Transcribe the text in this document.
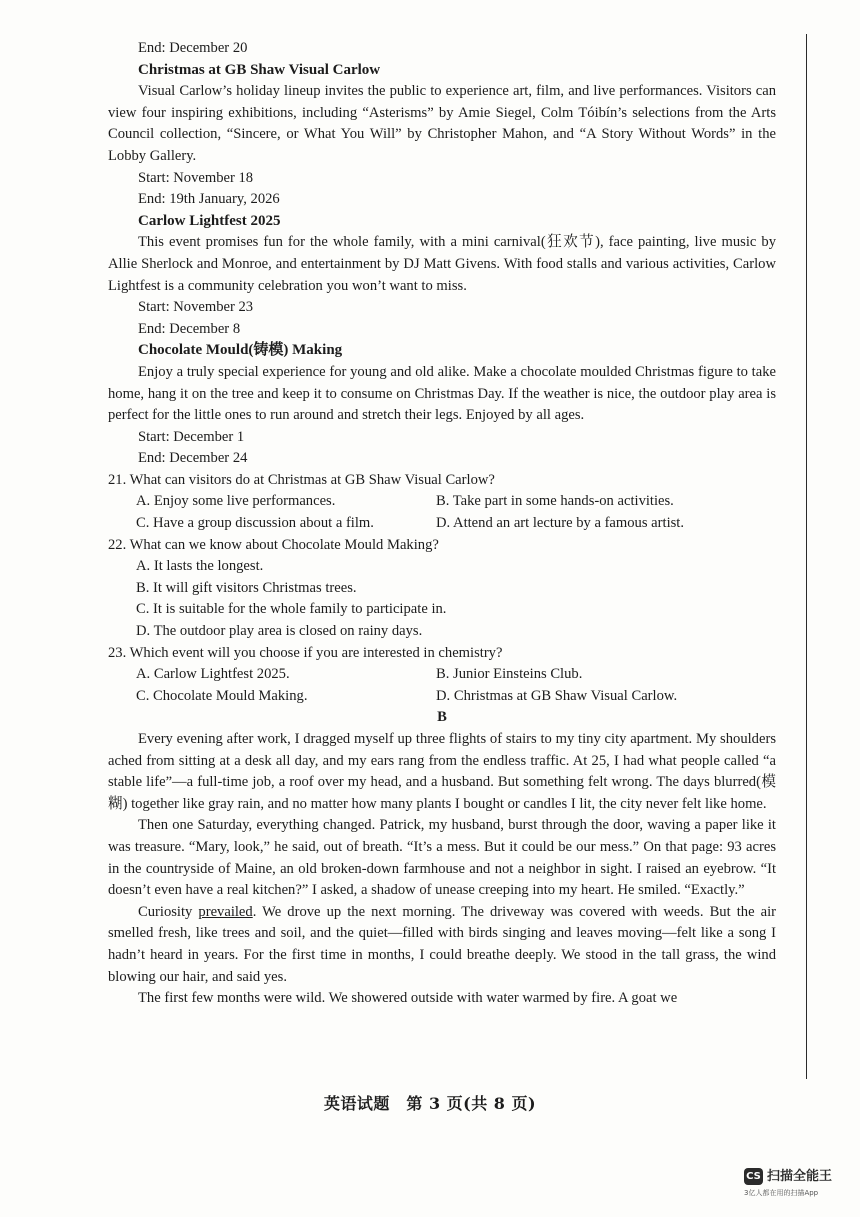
End: December 20
Christmas at GB Shaw Visual Carlow

Visual Carlow’s holiday lineup invites the public to experience art, film, and live performances. Visitors can view four inspiring exhibitions, including “Asterisms” by Amie Siegel, Colm Tóibín’s selections from the Arts Council collection, “Sincere, or What You Will” by Christopher Mahon, and “A Story Without Words” in the Lobby Gallery.

Start: November 18
End: 19th January, 2026
Carlow Lightfest 2025

This event promises fun for the whole family, with a mini carnival(狂欢节), face painting, live music by Allie Sherlock and Monroe, and entertainment by DJ Matt Givens. With food stalls and various activities, Carlow Lightfest is a community celebration you won’t want to miss.

Start: November 23
End: December 8
Chocolate Mould(铸模) Making

Enjoy a truly special experience for young and old alike. Make a chocolate moulded Christmas figure to take home, hang it on the tree and keep it to consume on Christmas Day. If the weather is nice, the outdoor play area is perfect for the little ones to run around and stretch their legs. Enjoyed by all ages.

Start: December 1
End: December 24
21. What can visitors do at Christmas at GB Shaw Visual Carlow?
A. Enjoy some live performances.	B. Take part in some hands-on activities.
C. Have a group discussion about a film.	D. Attend an art lecture by a famous artist.
22. What can we know about Chocolate Mould Making?
A. It lasts the longest.
B. It will gift visitors Christmas trees.
C. It is suitable for the whole family to participate in.
D. The outdoor play area is closed on rainy days.
23. Which event will you choose if you are interested in chemistry?
A. Carlow Lightfest 2025.	B. Junior Einsteins Club.
C. Chocolate Mould Making.	D. Christmas at GB Shaw Visual Carlow.
B

Every evening after work, I dragged myself up three flights of stairs to my tiny city apartment. My shoulders ached from sitting at a desk all day, and my ears rang from the endless traffic. At 25, I had what people called “a stable life”—a full-time job, a roof over my head, and a husband. But something felt wrong. The days blurred(模糊) together like gray rain, and no matter how many plants I bought or candles I lit, the city never felt like home.

Then one Saturday, everything changed. Patrick, my husband, burst through the door, waving a paper like it was treasure. “Mary, look,” he said, out of breath. “It’s a mess. But it could be our mess.” On that page: 93 acres in the countryside of Maine, an old broken-down farmhouse and not a neighbor in sight. I raised an eyebrow. “It doesn’t even have a real kitchen?” I asked, a shadow of unease creeping into my heart. He smiled. “Exactly.”

Curiosity prevailed. We drove up the next morning. The driveway was covered with weeds. But the air smelled fresh, like trees and soil, and the quiet—filled with birds singing and leaves moving—felt like a song I hadn’t heard in years. For the first time in months, I could breathe deeply. We stood in the tall grass, the wind blowing our hair, and said yes.

The first few months were wild. We showered outside with water warmed by fire. A goat we

英语试题　第 3 页(共 8 页)
CS 扫描全能王
3亿人都在用的扫描App
